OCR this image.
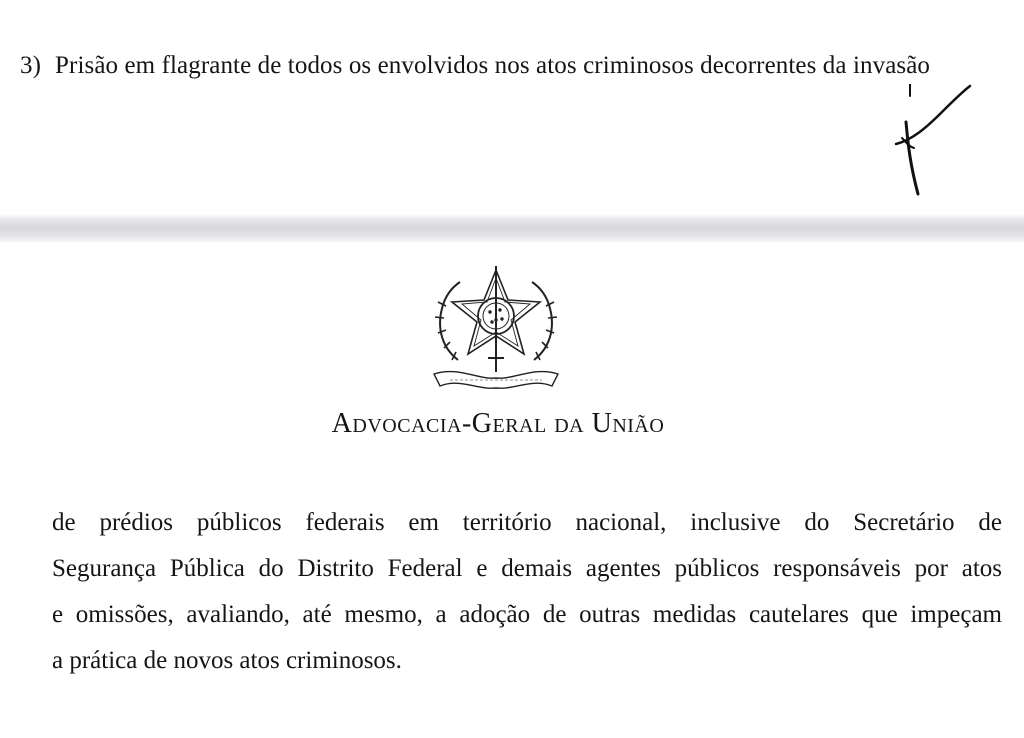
3) Prisão em flagrante de todos os envolvidos nos atos criminosos decorrentes da invasão
Advocacia-Geral da União
de prédios públicos federais em território nacional, inclusive do Secretário de
Segurança Pública do Distrito Federal e demais agentes públicos responsáveis por atos
e omissões, avaliando, até mesmo, a adoção de outras medidas cautelares que impeçam
a prática de novos atos criminosos.
